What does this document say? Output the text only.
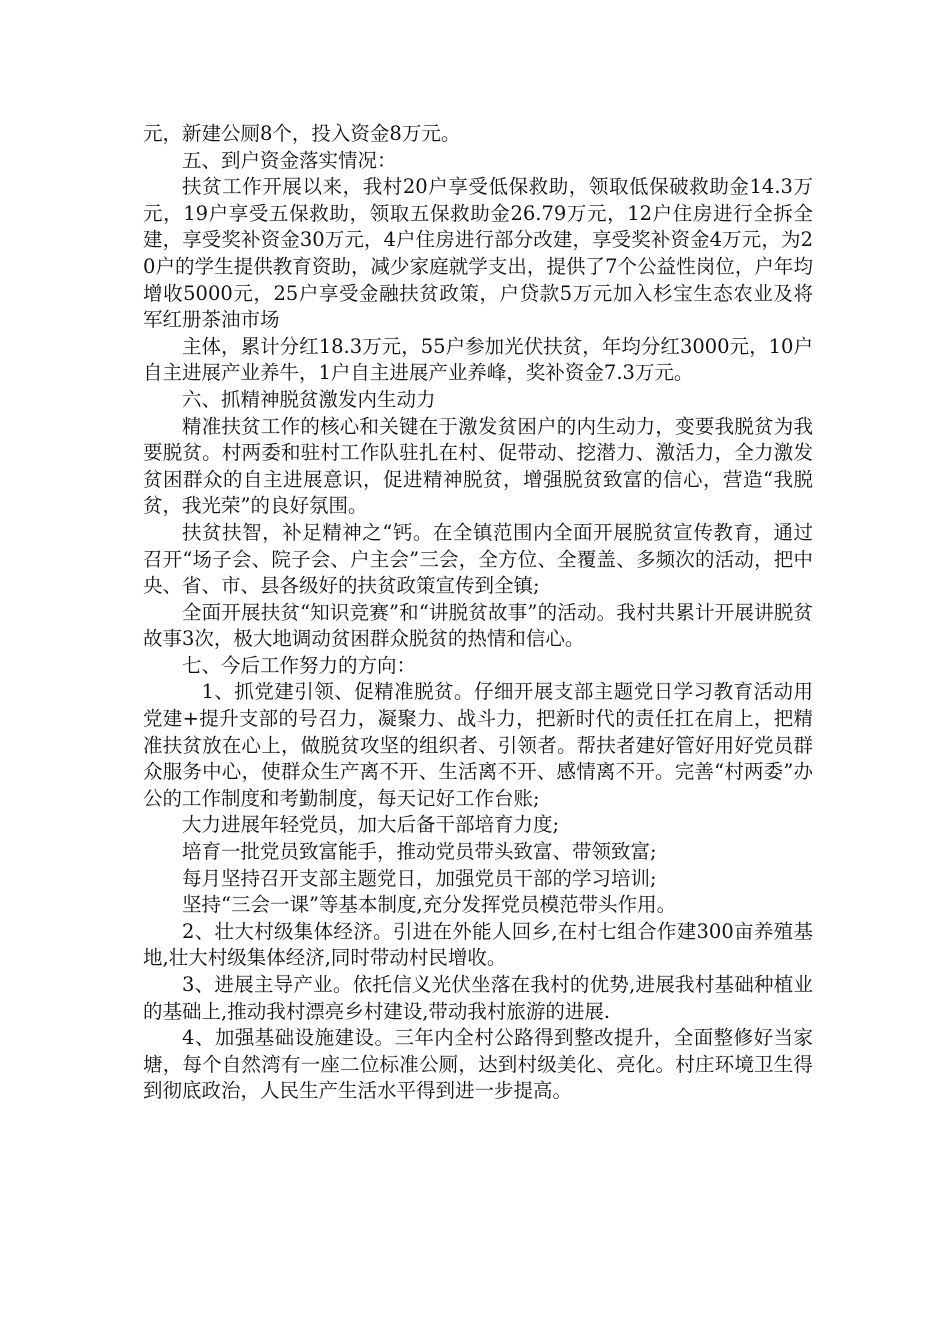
元，新建公厕8个，投入资金8万元。

五、到户资金落实情况：

扶贫工作开展以来，我村20户享受低保救助，领取低保破救助金14.3万元，19户享受五保救助，领取五保救助金26.79万元，12户住房进行全拆全建，享受奖补资金30万元，4户住房进行部分改建，享受奖补资金4万元，为20户的学生提供教育资助，减少家庭就学支出，提供了7个公益性岗位，户年均增收5000元，25户享受金融扶贫政策，户贷款5万元加入杉宝生态农业及将军红册茶油市场

主体，累计分红18.3万元，55户参加光伏扶贫，年均分红3000元，10户自主进展产业养牛，1户自主进展产业养峰，奖补资金7.3万元。

六、抓精神脱贫激发内生动力

精准扶贫工作的核心和关键在于激发贫困户的内生动力，变要我脱贫为我要脱贫。村两委和驻村工作队驻扎在村、促带动、挖潜力、激活力，全力激发贫困群众的自主进展意识，促进精神脱贫，增强脱贫致富的信心，营造“我脱贫，我光荣”的良好氛围。

扶贫扶智，补足精神之“钙。在全镇范围内全面开展脱贫宣传教育，通过召开“场子会、院子会、户主会”三会，全方位、全覆盖、多频次的活动，把中央、省、市、县各级好的扶贫政策宣传到全镇;

全面开展扶贫“知识竞赛”和“讲脱贫故事”的活动。我村共累计开展讲脱贫故事3次，极大地调动贫困群众脱贫的热情和信心。

七、今后工作努力的方向：

1、抓党建引领、促精准脱贫。仔细开展支部主题党日学习教育活动用党建+提升支部的号召力，凝聚力、战斗力，把新时代的责任扛在肩上，把精准扶贫放在心上，做脱贫攻坚的组织者、引领者。帮扶者建好管好用好党员群众服务中心，使群众生产离不开、生活离不开、感情离不开。完善“村两委”办公的工作制度和考勤制度，每天记好工作台账;

大力进展年轻党员，加大后备干部培育力度;

培育一批党员致富能手，推动党员带头致富、带领致富;

每月坚持召开支部主题党日，加强党员干部的学习培训;

坚持“三会一课”等基本制度,充分发挥党员模范带头作用。

2、壮大村级集体经济。引进在外能人回乡,在村七组合作建300亩养殖基地,壮大村级集体经济,同时带动村民增收。

3、进展主导产业。依托信义光伏坐落在我村的优势,进展我村基础种植业的基础上,推动我村漂亮乡村建设,带动我村旅游的进展.

4、加强基础设施建设。三年内全村公路得到整改提升，全面整修好当家塘，每个自然湾有一座二位标准公厕，达到村级美化、亮化。村庄环境卫生得到彻底政治，人民生产生活水平得到进一步提高。
